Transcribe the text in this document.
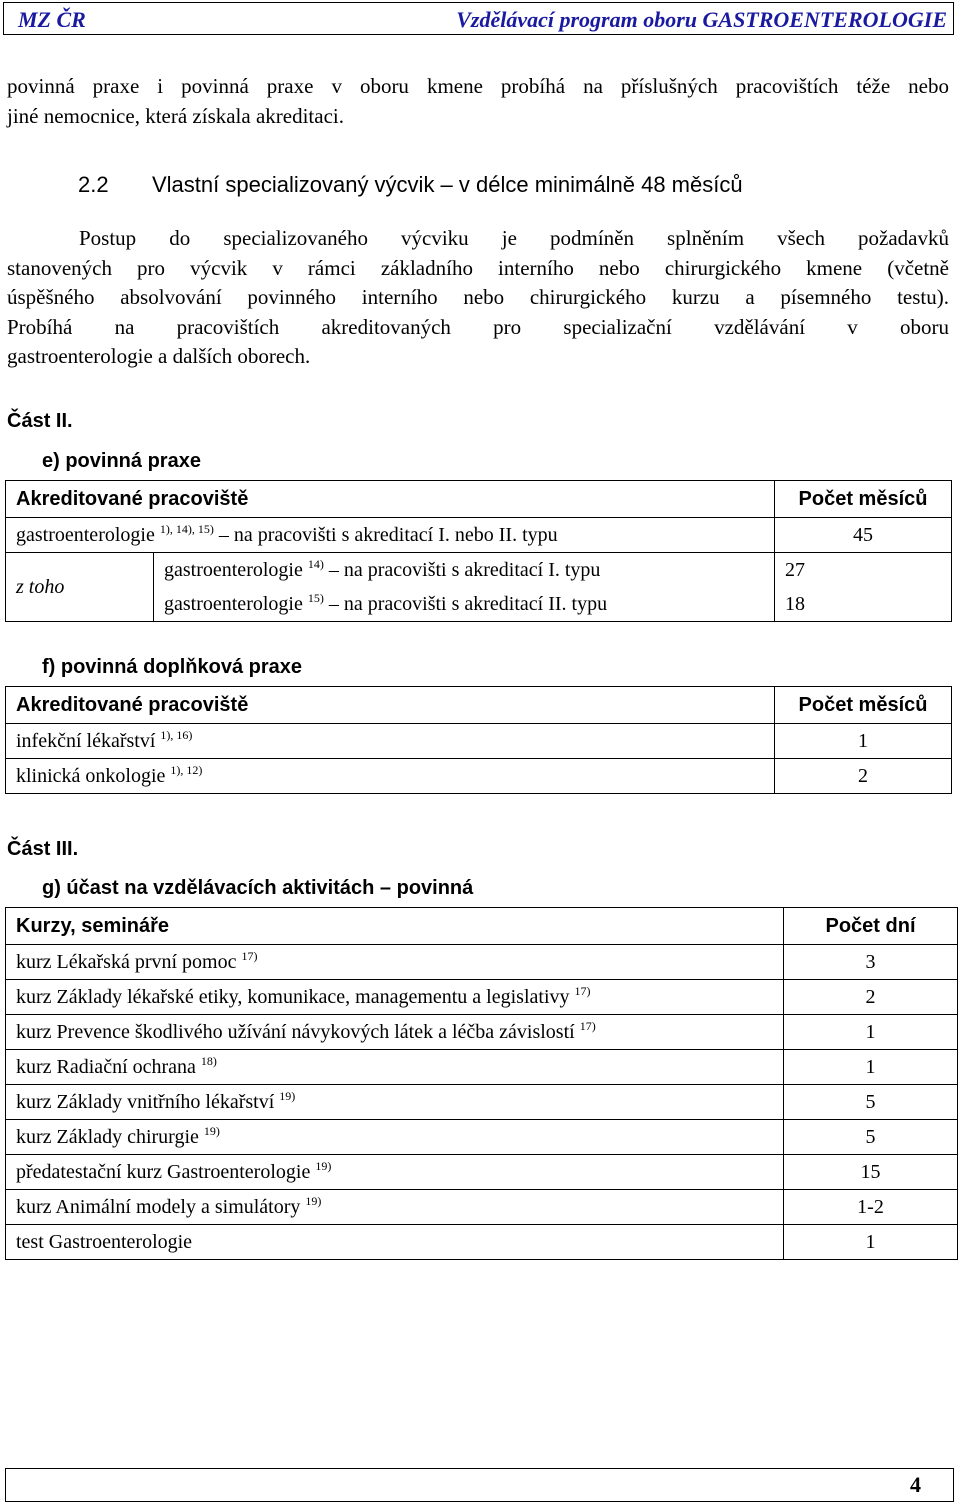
MZ ČR	Vzdělávací program oboru GASTROENTEROLOGIE
povinná praxe i povinná praxe v oboru kmene probíhá na příslušných pracovištích téže nebo
jiné nemocnice, která získala akreditaci.
2.2 Vlastní specializovaný výcvik – v délce minimálně 48 měsíců
Postup do specializovaného výcviku je podmíněn splněním všech požadavků
stanovených pro výcvik v rámci základního interního nebo chirurgického kmene (včetně
úspěšného absolvování povinného interního nebo chirurgického kurzu a písemného testu).
Probíhá na pracovištích akreditovaných pro specializační vzdělávání v oboru
gastroenterologie a dalších oborech.
Část II.
e) povinná praxe
Akreditované pracoviště		Počet měsíců
gastroenterologie $^{1), 14), 15)}$ – na pracovišti s akreditací I. nebo II. typu		45
z toho	gastroenterologie $^{14)}$ – na pracovišti s akreditací I. typu	27
	gastroenterologie $^{15)}$ – na pracovišti s akreditací II. typu	18
f) povinná doplňková praxe
Akreditované pracoviště	Počet měsíců
infekční lékařství $^{1), 16)}$	1
klinická onkologie $^{1), 12)}$	2
Část III.
g) účast na vzdělávacích aktivitách – povinná
Kurzy, semináře	Počet dní
kurz Lékařská první pomoc $^{17)}$	3
kurz Základy lékařské etiky, komunikace, managementu a legislativy $^{17)}$	2
kurz Prevence škodlivého užívání návykových látek a léčba závislostí $^{17)}$	1
kurz Radiační ochrana $^{18)}$	1
kurz Základy vnitřního lékařství $^{19)}$	5
kurz Základy chirurgie $^{19)}$	5
předatestační kurz Gastroenterologie $^{19)}$	15
kurz Animální modely a simulátory $^{19)}$	1-2
test Gastroenterologie	1
4
